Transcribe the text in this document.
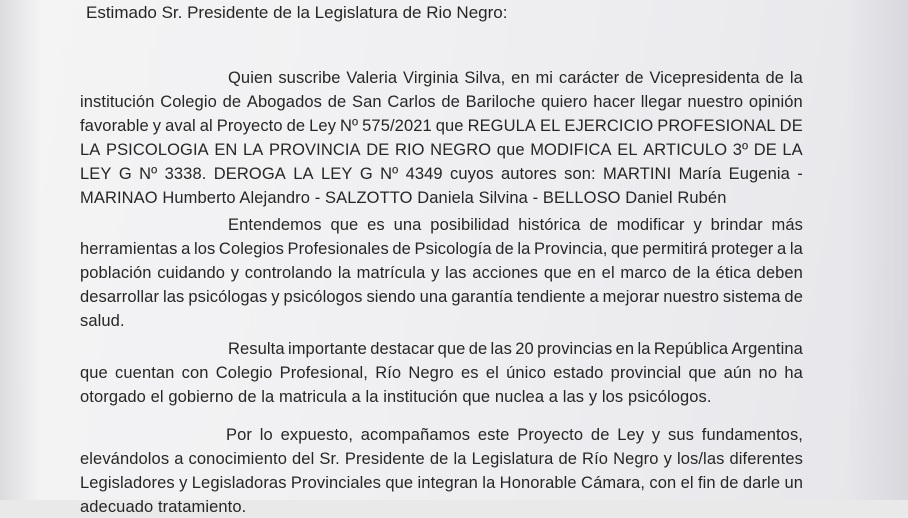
Estimado Sr. Presidente de la Legislatura de Rio Negro:
Quien suscribe Valeria Virginia Silva, en mi carácter de Vicepresidenta de la
institución Colegio de Abogados de San Carlos de Bariloche quiero hacer llegar nuestro opinión
favorable y aval al Proyecto de Ley Nº 575/2021 que REGULA EL EJERCICIO PROFESIONAL DE
LA PSICOLOGIA EN LA PROVINCIA DE RIO NEGRO que MODIFICA EL ARTICULO 3º DE LA
LEY G Nº 3338. DEROGA LA LEY G Nº 4349 cuyos autores son: MARTINI María Eugenia -
MARINAO Humberto Alejandro - SALZOTTO Daniela Silvina - BELLOSO Daniel Rubén
Entendemos que es una posibilidad histórica de modificar y brindar más
herramientas a los Colegios Profesionales de Psicología de la Provincia, que permitirá proteger a la
población cuidando y controlando la matrícula y las acciones que en el marco de la ética deben
desarrollar las psicólogas y psicólogos siendo una garantía tendiente a mejorar nuestro sistema de
salud.
Resulta importante destacar que de las 20 provincias en la República Argentina
que cuentan con Colegio Profesional, Río Negro es el único estado provincial que aún no ha
otorgado el gobierno de la matricula a la institución que nuclea a las y los psicólogos.
Por lo expuesto, acompañamos este Proyecto de Ley y sus fundamentos,
elevándolos a conocimiento del Sr. Presidente de la Legislatura de Río Negro y los/las diferentes
Legisladores y Legisladoras Provinciales que integran la Honorable Cámara, con el fin de darle un
adecuado tratamiento.
